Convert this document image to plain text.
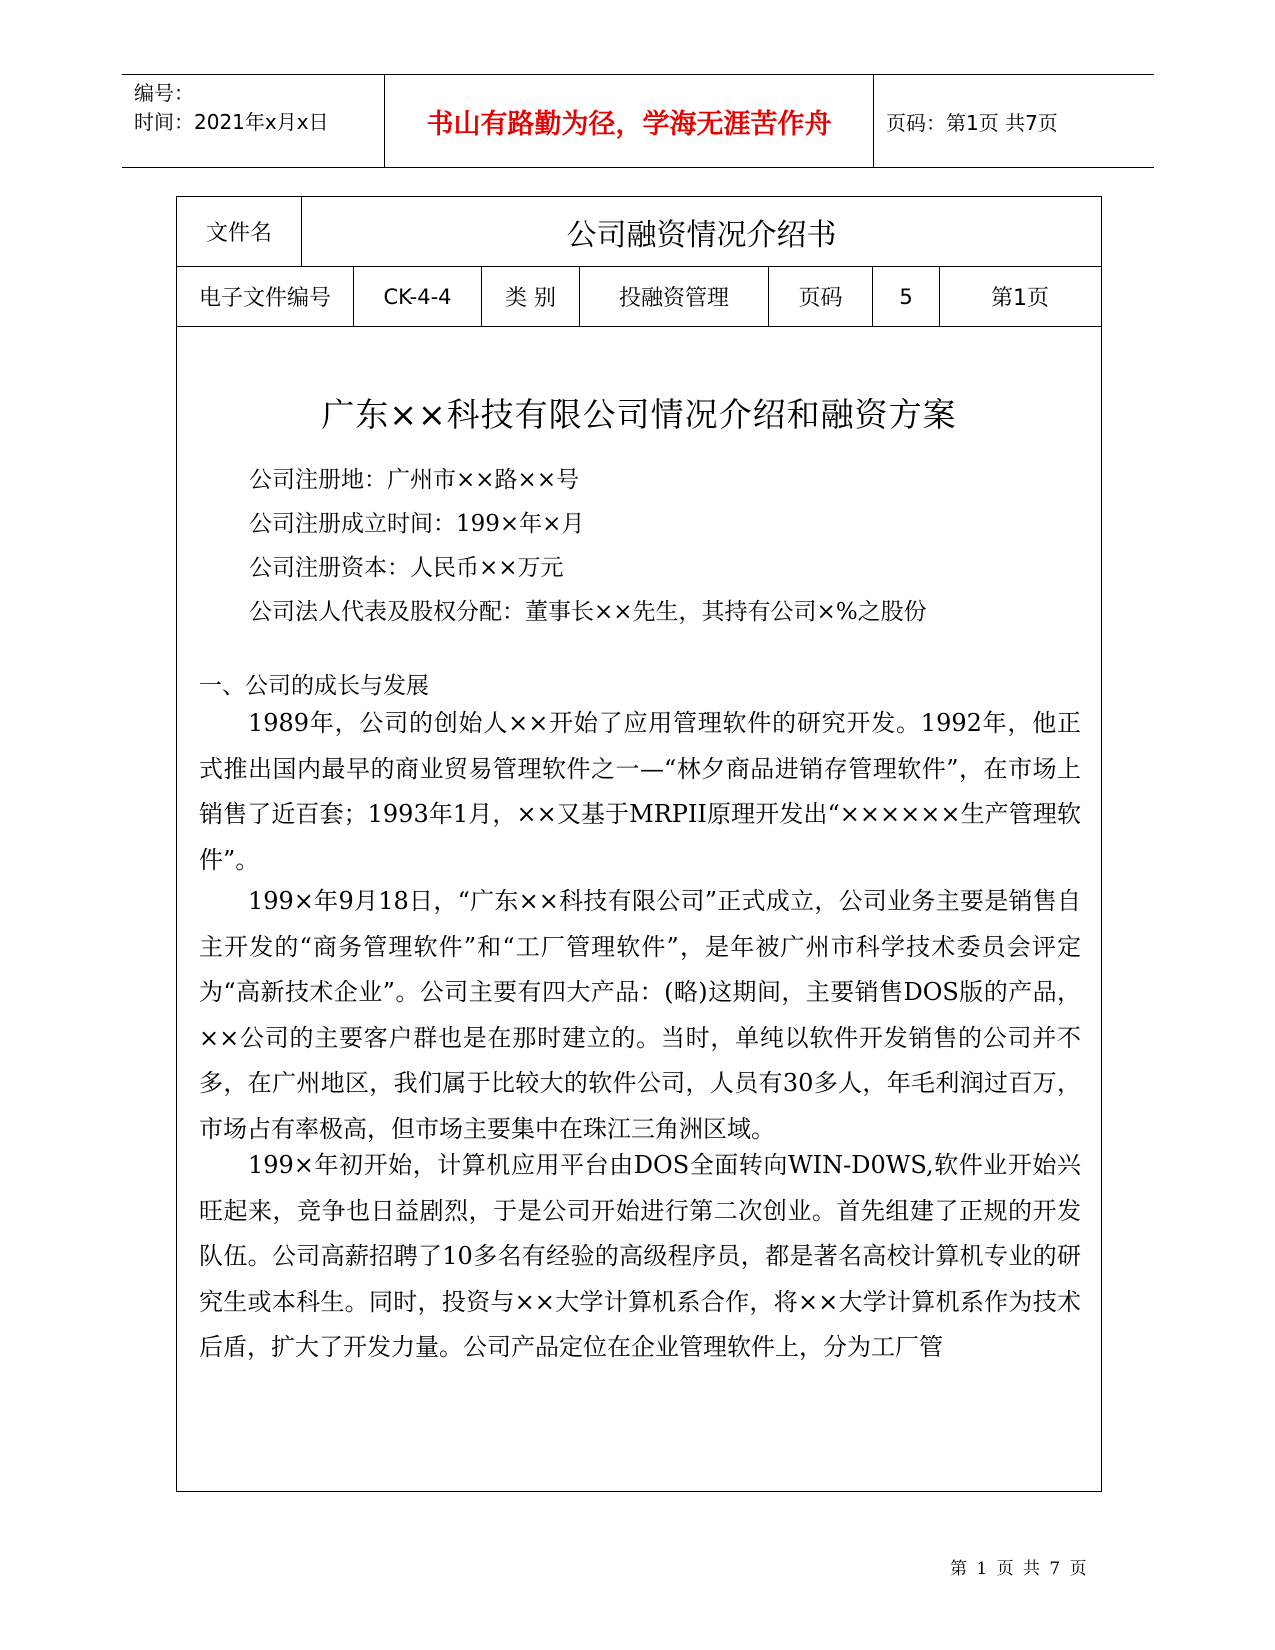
编号：
时间：2021年x月x日	书山有路勤为径，学海无涯苦作舟	页码：第1页 共7页
文件名	公司融资情况介绍书
电子文件编号	CK-4-4	类 别	投融资管理	页码	5	第1页
广东××科技有限公司情况介绍和融资方案
公司注册地：广州市××路××号
公司注册成立时间：199×年×月
公司注册资本：人民币××万元
公司法人代表及股权分配：董事长××先生，其持有公司×%之股份
一、公司的成长与发展

1989年，公司的创始人××开始了应用管理软件的研究开发。1992年，他正式推出国内最早的商业贸易管理软件之一—“林夕商品进销存管理软件”，在市场上销售了近百套；1993年1月，××又基于MRPII原理开发出“××××××生产管理软件”。

199×年9月18日，“广东××科技有限公司”正式成立，公司业务主要是销售自主开发的“商务管理软件”和“工厂管理软件”，是年被广州市科学技术委员会评定为“高新技术企业”。公司主要有四大产品：(略)这期间，主要销售DOS版的产品，××公司的主要客户群也是在那时建立的。当时，单纯以软件开发销售的公司并不多，在广州地区，我们属于比较大的软件公司，人员有30多人，年毛利润过百万，市场占有率极高，但市场主要集中在珠江三角洲区域。

199×年初开始，计算机应用平台由DOS全面转向WIN-D0WS,软件业开始兴旺起来，竞争也日益剧烈，于是公司开始进行第二次创业。首先组建了正规的开发队伍。公司高薪招聘了10多名有经验的高级程序员，都是著名高校计算机专业的研究生或本科生。同时，投资与××大学计算机系合作，将××大学计算机系作为技术后盾，扩大了开发力量。公司产品定位在企业管理软件上，分为工厂管

第 1 页 共 7 页
